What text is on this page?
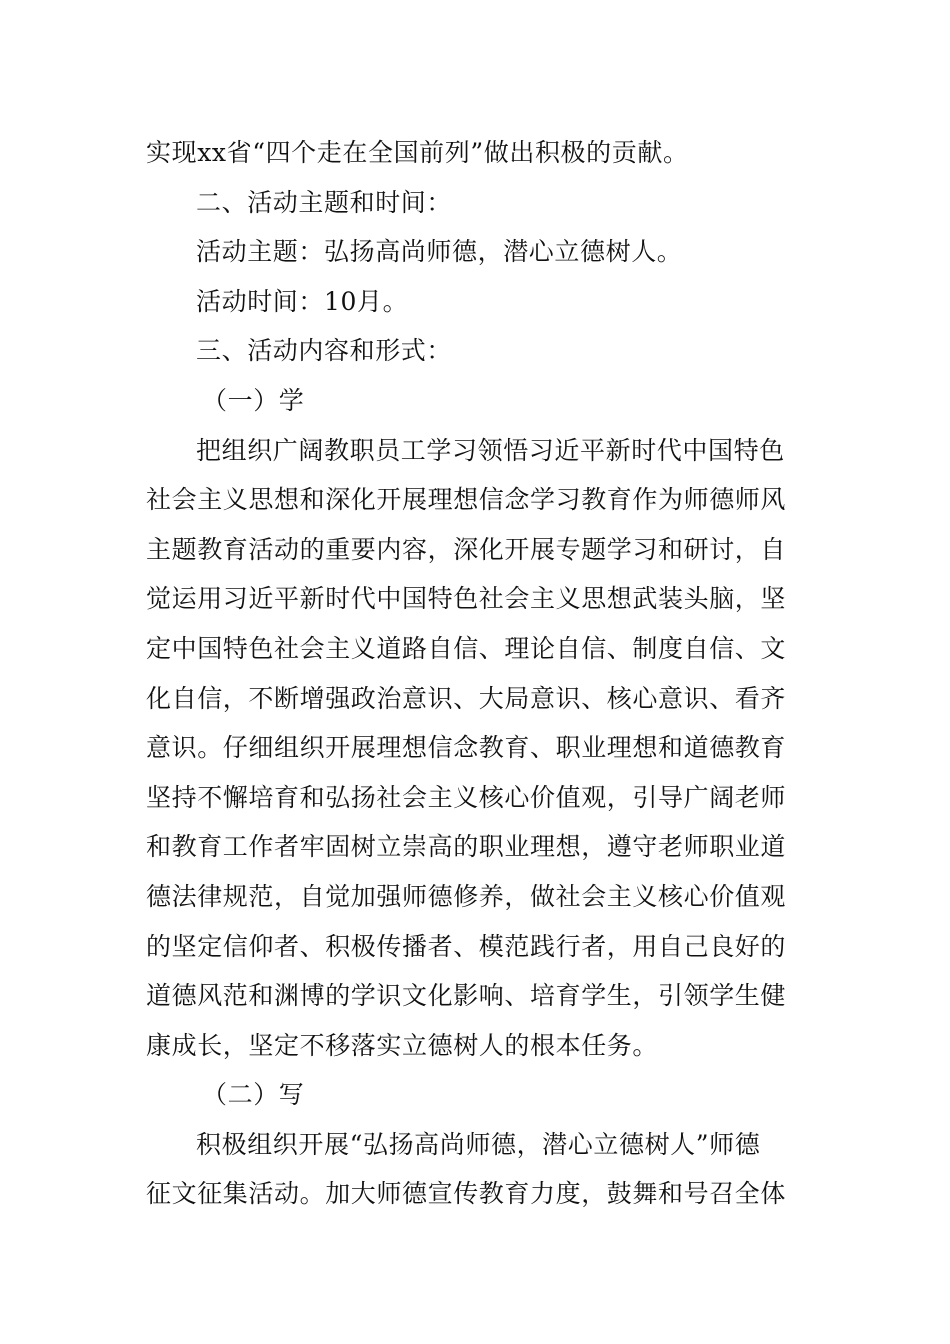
实现xx省“四个走在全国前列”做出积极的贡献。
二、活动主题和时间：
活动主题：弘扬高尚师德，潜心立德树人。
活动时间：10月。
三、活动内容和形式：
（一）学
把组织广阔教职员工学习领悟习近平新时代中国特色
社会主义思想和深化开展理想信念学习教育作为师德师风
主题教育活动的重要内容，深化开展专题学习和研讨，自
觉运用习近平新时代中国特色社会主义思想武装头脑，坚
定中国特色社会主义道路自信、理论自信、制度自信、文
化自信，不断增强政治意识、大局意识、核心意识、看齐
意识。仔细组织开展理想信念教育、职业理想和道德教育
坚持不懈培育和弘扬社会主义核心价值观，引导广阔老师
和教育工作者牢固树立崇高的职业理想，遵守老师职业道
德法律规范，自觉加强师德修养，做社会主义核心价值观
的坚定信仰者、积极传播者、模范践行者，用自己良好的
道德风范和渊博的学识文化影响、培育学生，引领学生健
康成长，坚定不移落实立德树人的根本任务。
（二）写
积极组织开展“弘扬高尚师德，潜心立德树人”师德
征文征集活动。加大师德宣传教育力度，鼓舞和号召全体
